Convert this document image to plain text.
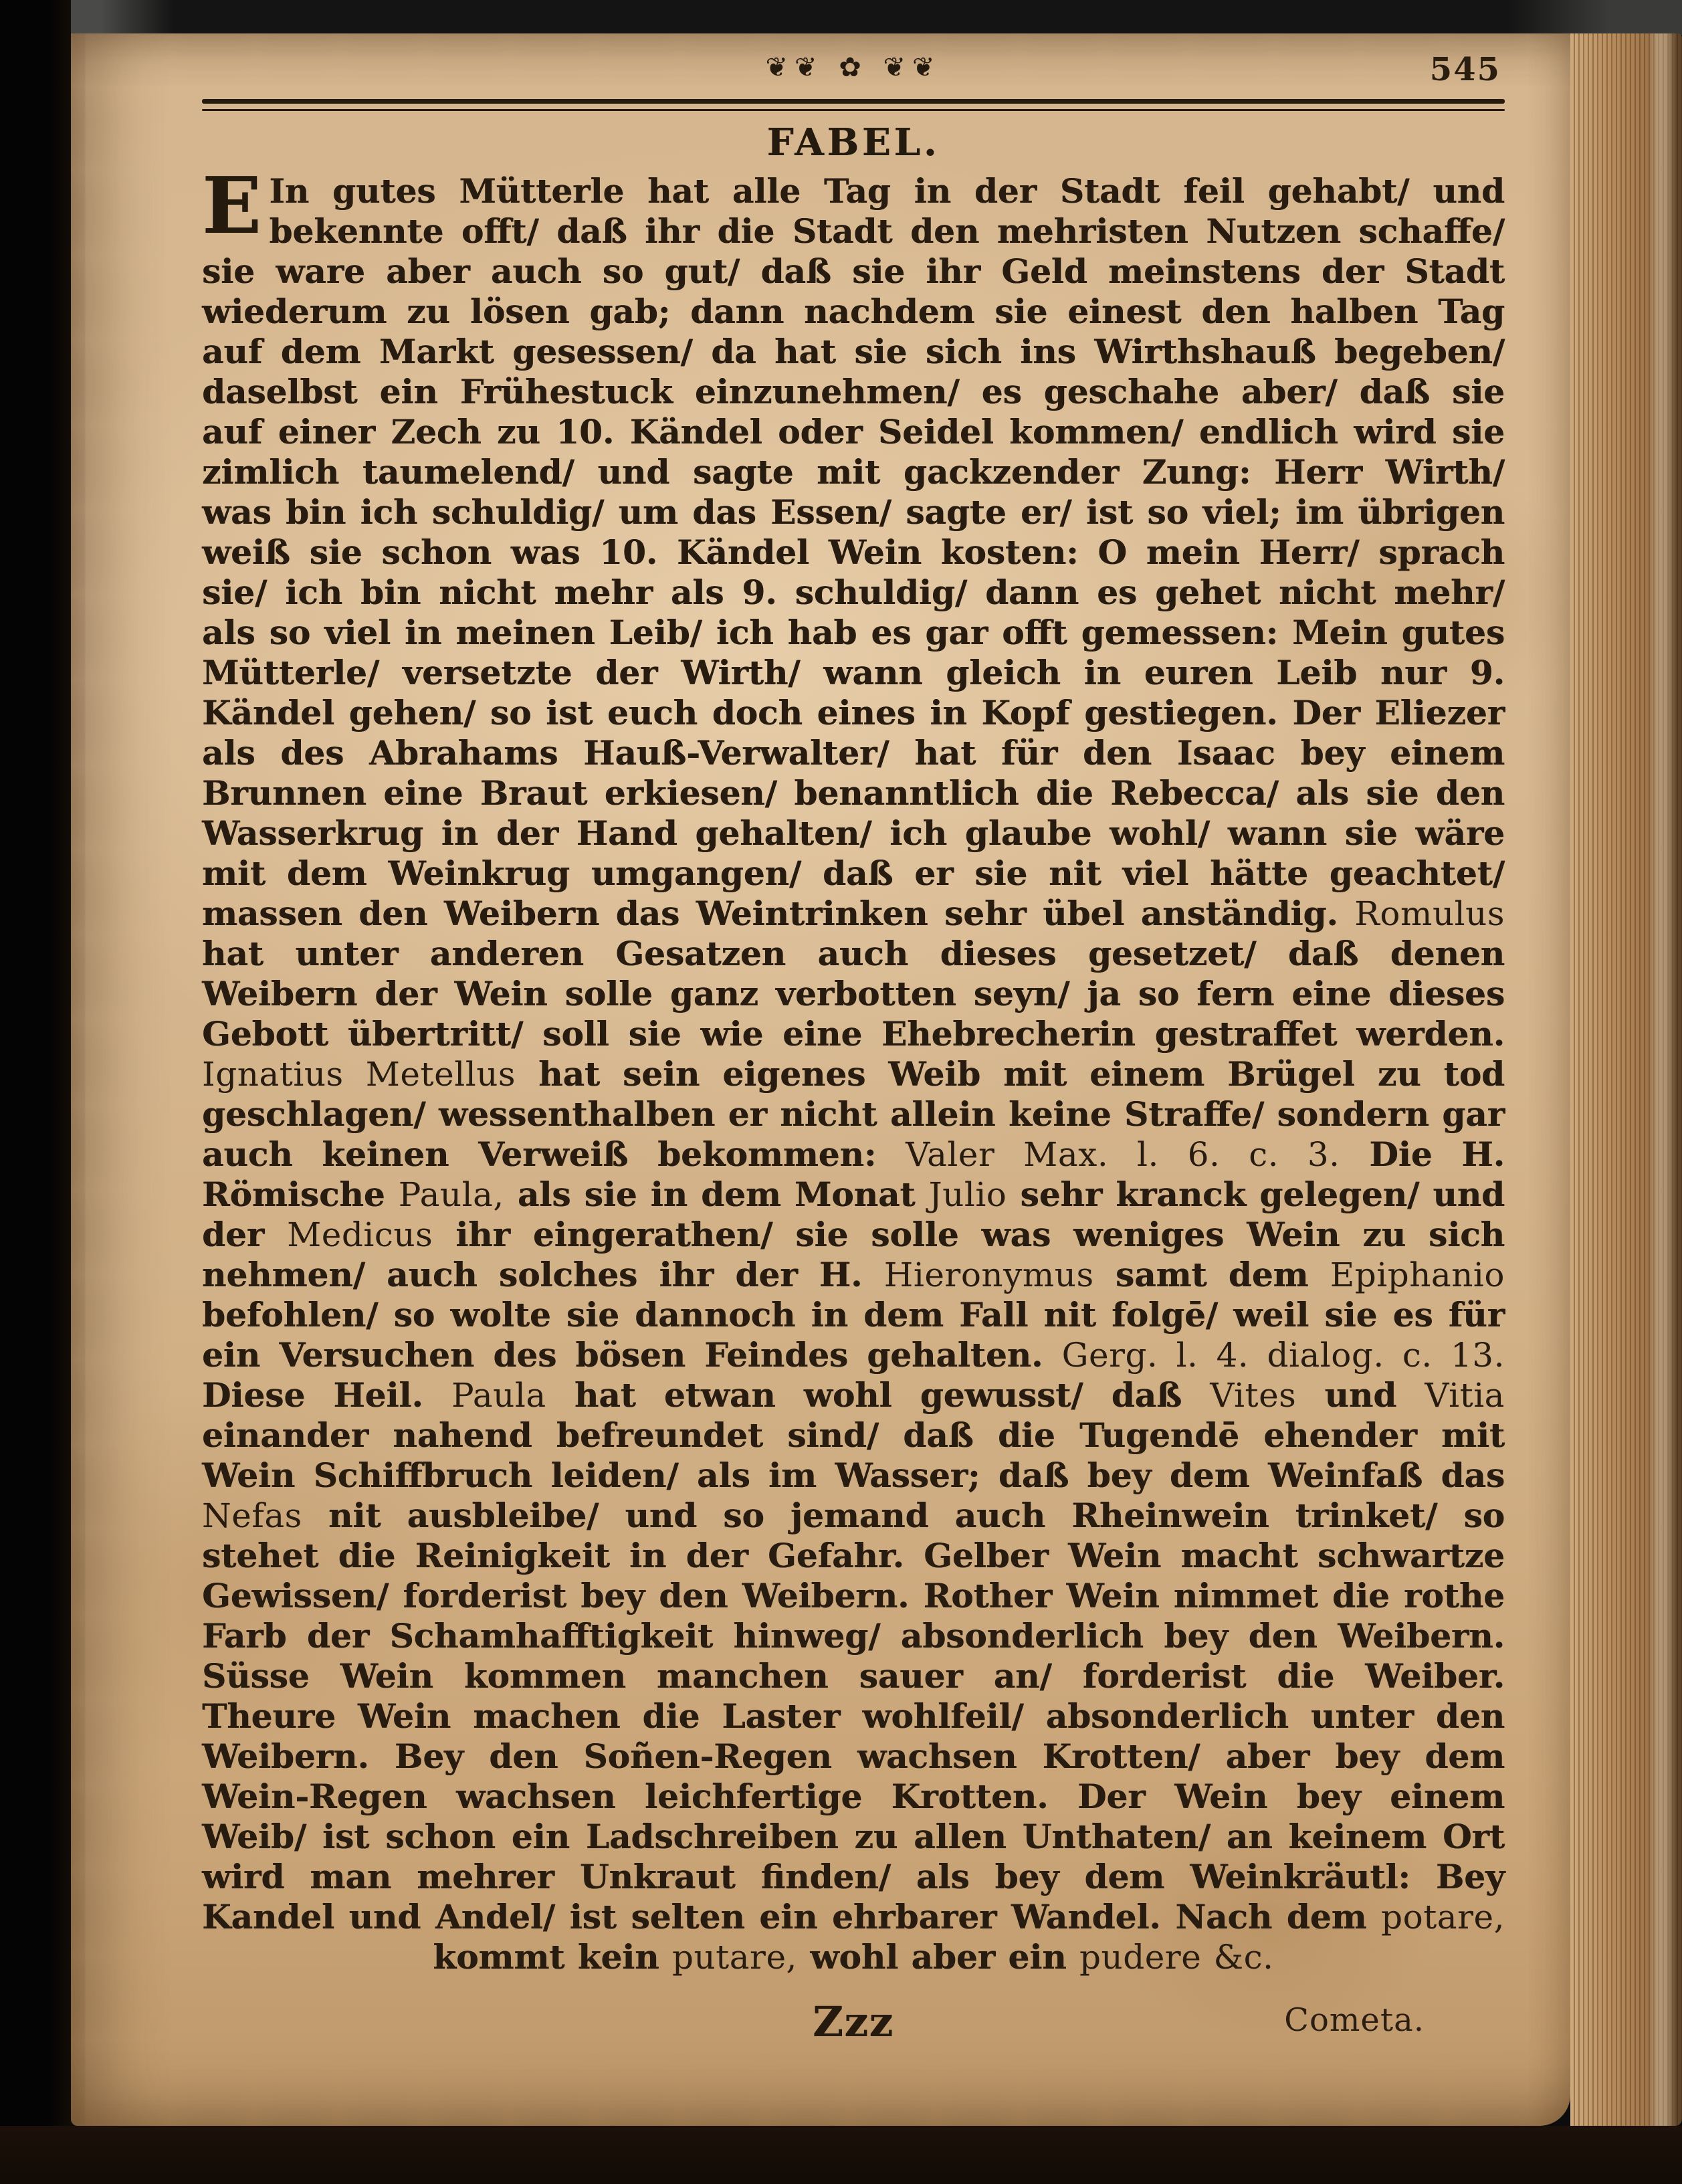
❦❦ ✿ ❦❦	545
FABEL.

E In gutes Mütterle hat alle Tag in der Stadt feil gehabt/ und bekennte offt/ daß ihr die Stadt den mehristen Nutzen schaffe/ sie ware aber auch so gut/ daß sie ihr Geld meinstens der Stadt wiederum zu lösen gab; dann nachdem sie einest den halben Tag auf dem Markt gesessen/ da hat sie sich ins Wirthshauß begeben/ daselbst ein Frühestuck einzunehmen/ es geschahe aber/ daß sie auf einer Zech zu 10. Kändel oder Seidel kommen/ endlich wird sie zimlich taumelend/ und sagte mit gackzender Zung: Herr Wirth/ was bin ich schuldig/ um das Essen/ sagte er/ ist so viel; im übrigen weiß sie schon was 10. Kändel Wein kosten: O mein Herr/ sprach sie/ ich bin nicht mehr als 9. schuldig/ dann es gehet nicht mehr/ als so viel in meinen Leib/ ich hab es gar offt gemessen: Mein gutes Mütterle/ versetzte der Wirth/ wann gleich in euren Leib nur 9. Kändel gehen/ so ist euch doch eines in Kopf gestiegen. Der Eliezer als des Abrahams Hauß-Verwalter/ hat für den Isaac bey einem Brunnen eine Braut erkiesen/ benanntlich die Rebecca/ als sie den Wasserkrug in der Hand gehalten/ ich glaube wohl/ wann sie wäre mit dem Weinkrug umgangen/ daß er sie nit viel hätte geachtet/ massen den Weibern das Weintrinken sehr übel anständig. Romulus hat unter anderen Gesatzen auch dieses gesetzet/ daß denen Weibern der Wein solle ganz verbotten seyn/ ja so fern eine dieses Gebott übertritt/ soll sie wie eine Ehebrecherin gestraffet werden. Ignatius Metellus hat sein eigenes Weib mit einem Brügel zu tod geschlagen/ wessenthalben er nicht allein keine Straffe/ sondern gar auch keinen Verweiß bekommen: Valer Max. l. 6. c. 3. Die H. Römische Paula, als sie in dem Monat Julio sehr kranck gelegen/ und der Medicus ihr eingerathen/ sie solle was weniges Wein zu sich nehmen/ auch solches ihr der H. Hieronymus samt dem Epiphanio befohlen/ so wolte sie dannoch in dem Fall nit folgē/ weil sie es für ein Versuchen des bösen Feindes gehalten. Gerg. l. 4. dialog. c. 13. Diese Heil. Paula hat etwan wohl gewusst/ daß Vites und Vitia einander nahend befreundet sind/ daß die Tugendē ehender mit Wein Schiffbruch leiden/ als im Wasser; daß bey dem Weinfaß das Nefas nit ausbleibe/ und so jemand auch Rheinwein trinket/ so stehet die Reinigkeit in der Gefahr. Gelber Wein macht schwartze Gewissen/ forderist bey den Weibern. Rother Wein nimmet die rothe Farb der Schamhafftigkeit hinweg/ absonderlich bey den Weibern. Süsse Wein kommen manchen sauer an/ forderist die Weiber. Theure Wein machen die Laster wohlfeil/ absonderlich unter den Weibern. Bey den Soñen-Regen wachsen Krotten/ aber bey dem Wein-Regen wachsen leichfertige Krotten. Der Wein bey einem Weib/ ist schon ein Ladschreiben zu allen Unthaten/ an keinem Ort wird man mehrer Unkraut finden/ als bey dem Weinkräutl: Bey Kandel und Andel/ ist selten ein ehrbarer Wandel. Nach dem potare, kommt kein putare, wohl aber ein pudere &c.

Zzz	Cometa.
